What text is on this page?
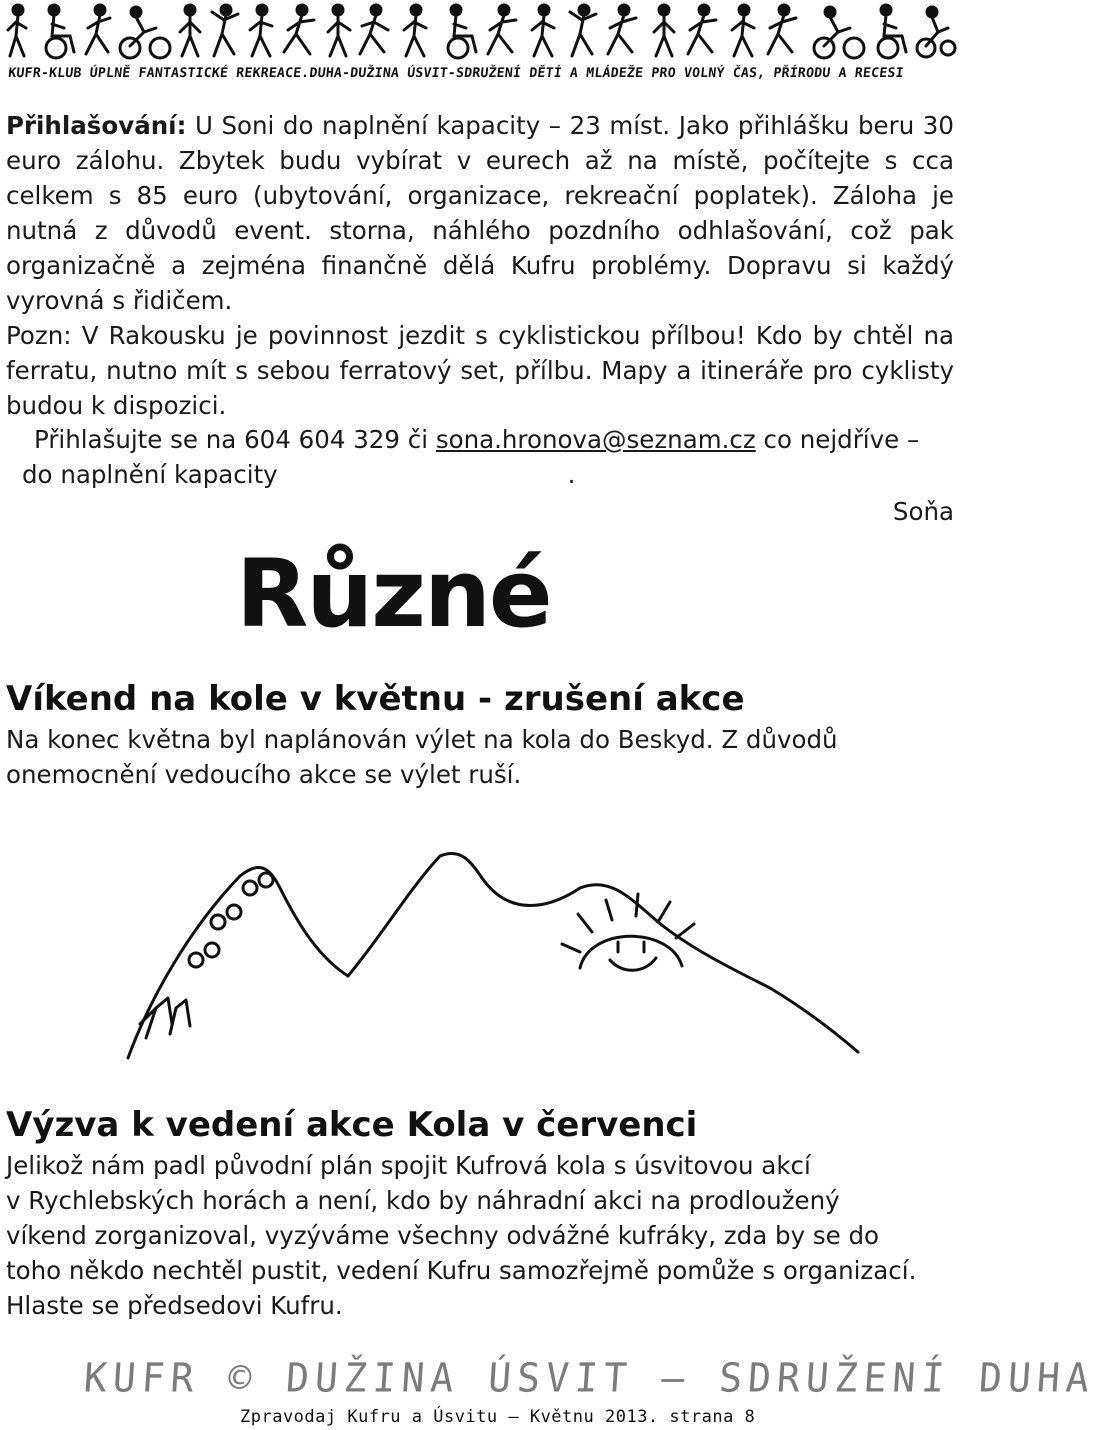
KUFR-KLUB ÚPLNĚ FANTASTICKÉ REKREACE.DUHA-DUŽINA ÚSVIT-SDRUŽENÍ DĚTÍ A MLÁDEŽE PRO VOLNÝ ČAS, PŘÍRODU A RECESI

Přihlašování: U Soni do naplnění kapacity – 23 míst. Jako přihlášku beru 30 euro zálohu. Zbytek budu vybírat v eurech až na místě, počítejte s cca celkem s 85 euro (ubytování, organizace, rekreační poplatek). Záloha je nutná z důvodů event. storna, náhlého pozdního odhlašování, což pak organizačně a zejména finančně dělá Kufru problémy. Dopravu si každý vyrovná s řidičem.

Pozn: V Rakousku je povinnost jezdit s cyklistickou přílbou! Kdo by chtěl na ferratu, nutno mít s sebou ferratový set, přílbu. Mapy a itineráře pro cyklisty budou k dispozici.

Přihlašujte se na 604 604 329 či sona.hronova@seznam.cz co nejdříve –
do naplnění kapacity	.
Soňa
Různé
Víkend na kole v květnu - zrušení akce

Na konec května byl naplánován výlet na kola do Beskyd. Z důvodů

onemocnění vedoucího akce se výlet ruší.

Výzva k vedení akce Kola v červenci

Jelikož nám padl původní plán spojit Kufrová kola s úsvitovou akcí

v Rychlebských horách a není, kdo by náhradní akci na prodloužený

víkend zorganizoval, vyzýváme všechny odvážné kufráky, zda by se do

toho někdo nechtěl pustit, vedení Kufru samozřejmě pomůže s organizací.

Hlaste se předsedovi Kufru.

KUFR © DUŽINA ÚSVIT – SDRUŽENÍ DUHA
Zpravodaj Kufru a Úsvitu – Květnu 2013. strana 8
